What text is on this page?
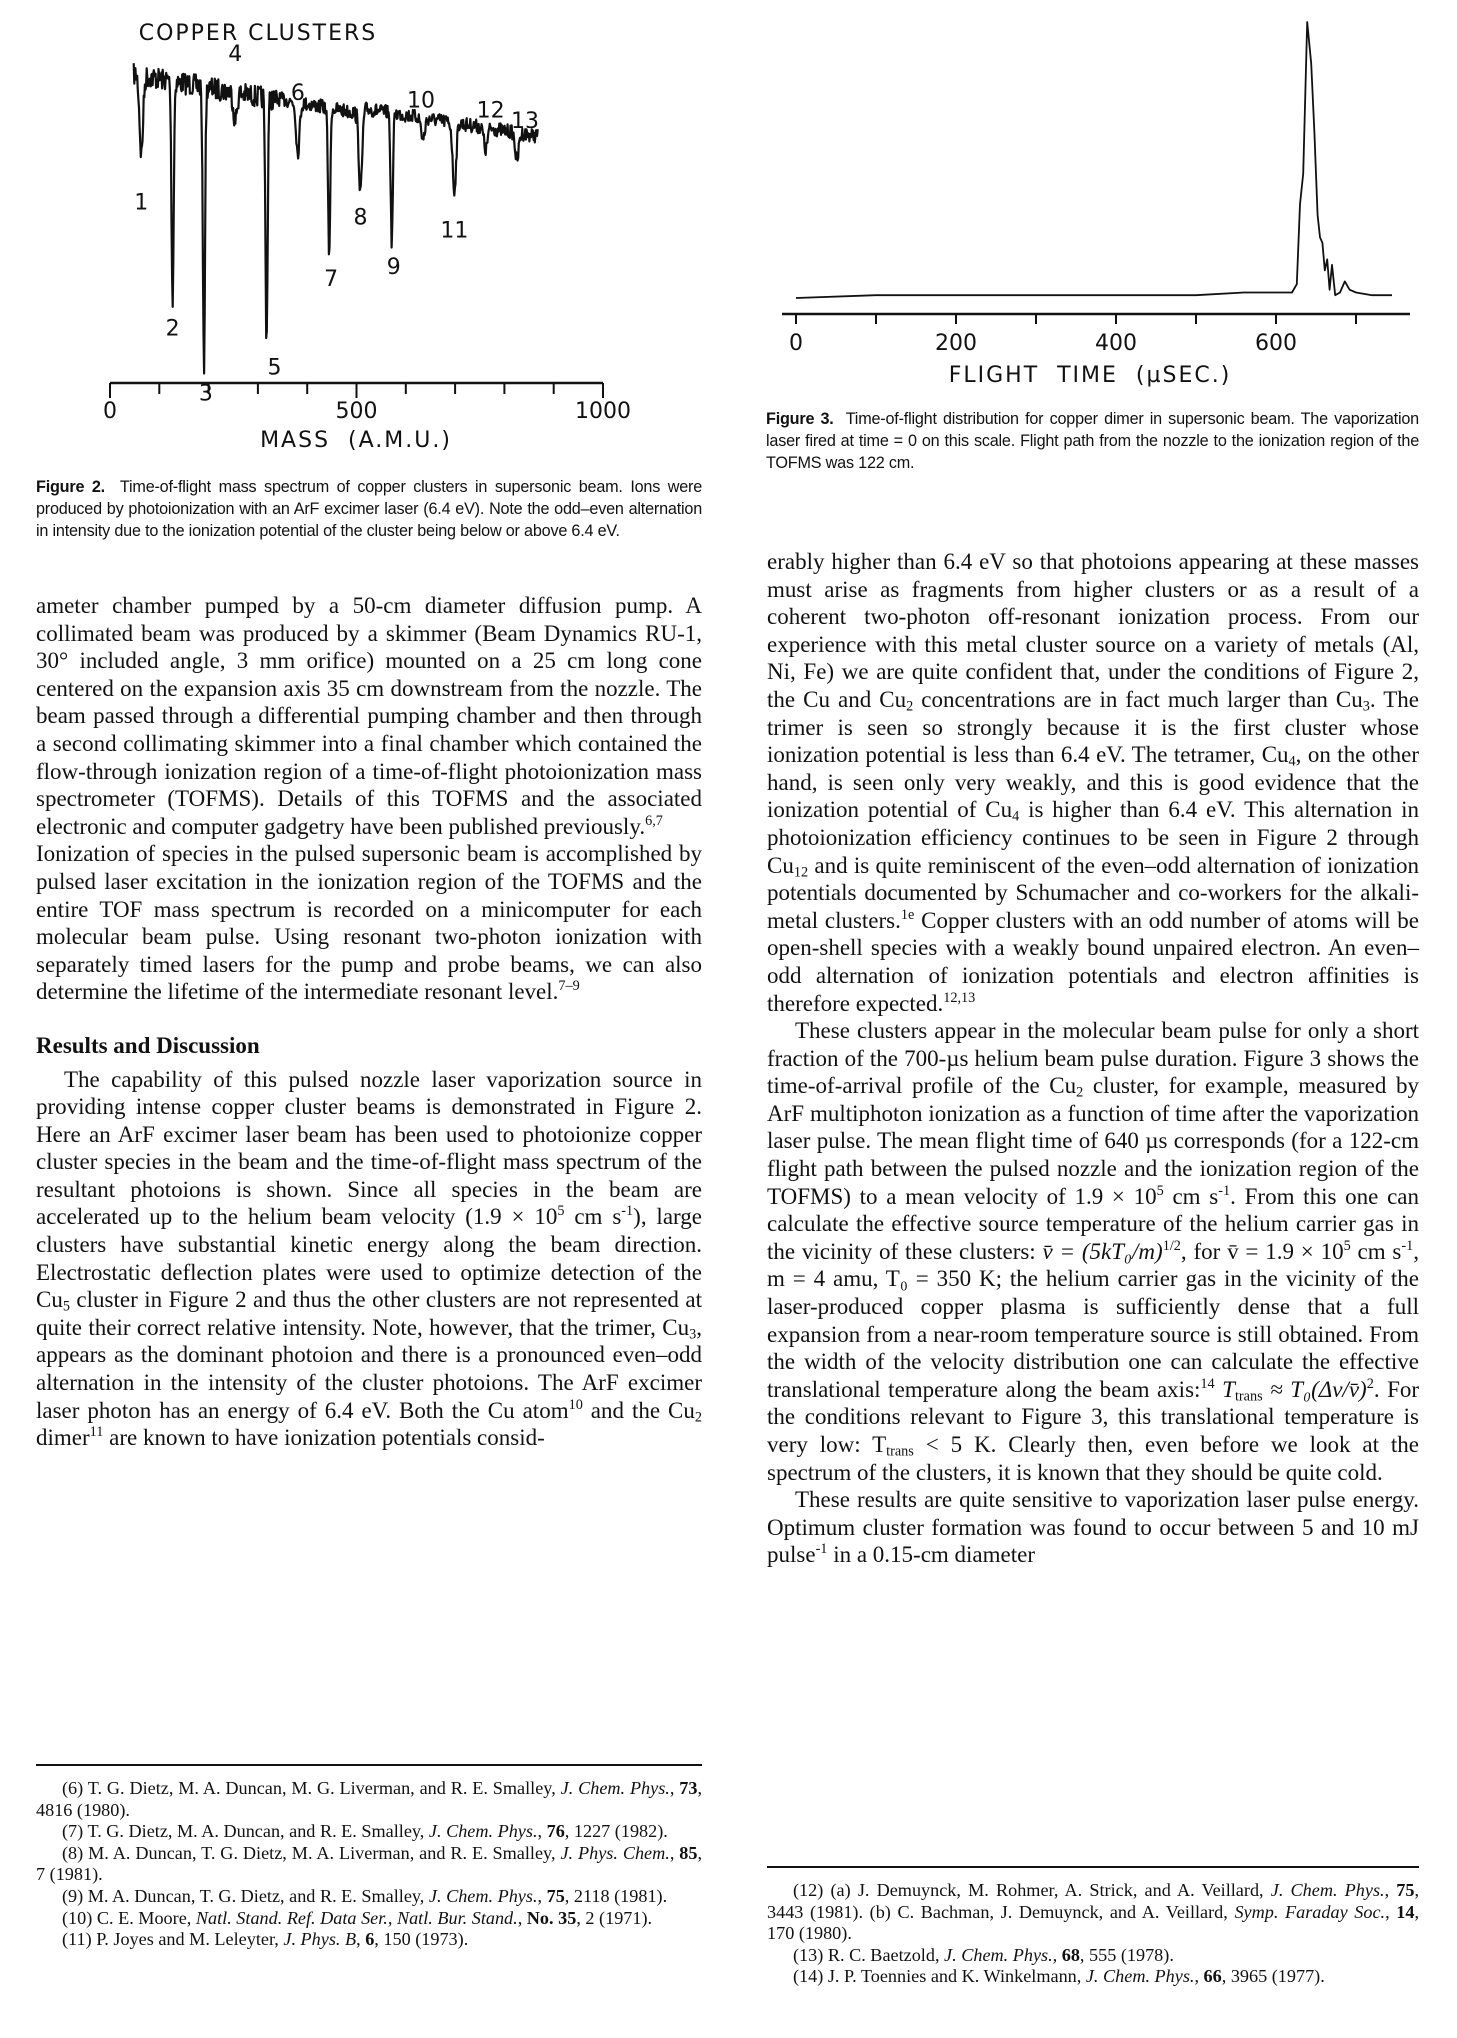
COPPER CLUSTERS
1
2
3
4
5
6
7
8
9
10
11
12 13
0	500	1000
MASS  (A.M.U.)
Figure 2. Time-of-flight mass spectrum of copper clusters in supersonic beam. Ions were produced by photoionization with an ArF excimer laser (6.4 eV). Note the odd–even alternation in intensity due to the ionization potential of the cluster being below or above 6.4 eV.
0	200	400	600
FLIGHT  TIME  (µSEC.)
Figure 3. Time-of-flight distribution for copper dimer in supersonic beam. The vaporization laser fired at time = 0 on this scale. Flight path from the nozzle to the ionization region of the TOFMS was 122 cm.

ameter chamber pumped by a 50-cm diameter diffusion pump. A collimated beam was produced by a skimmer (Beam Dynamics RU-1, 30° included angle, 3 mm orifice) mounted on a 25 cm long cone centered on the expansion axis 35 cm downstream from the nozzle. The beam passed through a differential pumping chamber and then through a second collimating skimmer into a final chamber which contained the flow-through ionization region of a time-of-flight photoionization mass spectrometer (TOFMS). Details of this TOFMS and the associated electronic and computer gadgetry have been published previously.$^{6,7}$

Ionization of species in the pulsed supersonic beam is accomplished by pulsed laser excitation in the ionization region of the TOFMS and the entire TOF mass spectrum is recorded on a minicomputer for each molecular beam pulse. Using resonant two-photon ionization with separately timed lasers for the pump and probe beams, we can also determine the lifetime of the intermediate resonant level.$^{7-9}$

Results and Discussion

The capability of this pulsed nozzle laser vaporization source in providing intense copper cluster beams is demonstrated in Figure 2. Here an ArF excimer laser beam has been used to photoionize copper cluster species in the beam and the time-of-flight mass spectrum of the resultant photoions is shown. Since all species in the beam are accelerated up to the helium beam velocity ($1.9 \times 10^5$ cm $s^{-1}$), large clusters have substantial kinetic energy along the beam direction. Electrostatic deflection plates were used to optimize detection of the $Cu_5$ cluster in Figure 2 and thus the other clusters are not represented at quite their correct relative intensity. Note, however, that the trimer, $Cu_3$, appears as the dominant photoion and there is a pronounced even–odd alternation in the intensity of the cluster photoions. The ArF excimer laser photon has an energy of 6.4 eV. Both the Cu atom$^{10}$ and the $Cu_2$ dimer$^{11}$ are known to have ionization potentials consid-

(6) T. G. Dietz, M. A. Duncan, M. G. Liverman, and R. E. Smalley, J. Chem. Phys., 73, 4816 (1980).

(7) T. G. Dietz, M. A. Duncan, and R. E. Smalley, J. Chem. Phys., 76, 1227 (1982).

(8) M. A. Duncan, T. G. Dietz, M. A. Liverman, and R. E. Smalley, J. Phys. Chem., 85, 7 (1981).

(9) M. A. Duncan, T. G. Dietz, and R. E. Smalley, J. Chem. Phys., 75, 2118 (1981).

(10) C. E. Moore, Natl. Stand. Ref. Data Ser., Natl. Bur. Stand., No. 35, 2 (1971).

(11) P. Joyes and M. Leleyter, J. Phys. B, 6, 150 (1973).

erably higher than 6.4 eV so that photoions appearing at these masses must arise as fragments from higher clusters or as a result of a coherent two-photon off-resonant ionization process. From our experience with this metal cluster source on a variety of metals (Al, Ni, Fe) we are quite confident that, under the conditions of Figure 2, the Cu and $Cu_2$ concentrations are in fact much larger than $Cu_3$. The trimer is seen so strongly because it is the first cluster whose ionization potential is less than 6.4 eV. The tetramer, $Cu_4$, on the other hand, is seen only very weakly, and this is good evidence that the ionization potential of $Cu_4$ is higher than 6.4 eV. This alternation in photoionization efficiency continues to be seen in Figure 2 through $Cu_{12}$ and is quite reminiscent of the even–odd alternation of ionization potentials documented by Schumacher and co-workers for the alkali-metal clusters.$^{1e}$ Copper clusters with an odd number of atoms will be open-shell species with a weakly bound unpaired electron. An even–odd alternation of ionization potentials and electron affinities is therefore expected.$^{12,13}$

These clusters appear in the molecular beam pulse for only a short fraction of the 700-µs helium beam pulse duration. Figure 3 shows the time-of-arrival profile of the $Cu_2$ cluster, for example, measured by ArF multiphoton ionization as a function of time after the vaporization laser pulse. The mean flight time of 640 µs corresponds (for a 122-cm flight path between the pulsed nozzle and the ionization region of the TOFMS) to a mean velocity of $1.9 \times 10^5$ cm $s^{-1}$. From this one can calculate the effective source temperature of the helium carrier gas in the vicinity of these clusters: v̄ = $(5kT_0/m)^{1/2}$, for v̄ = $1.9 \times 10^5$ cm $s^{-1}$, m = 4 amu, T₀ = 350 K; the helium carrier gas in the vicinity of the laser-produced copper plasma is sufficiently dense that a full expansion from a near-room temperature source is still obtained. From the width of the velocity distribution one can calculate the effective translational temperature along the beam axis:$^{14}$ $T_{trans}$ ≈ T₀(Δv/v̄)$^2$. For the conditions relevant to Figure 3, this translational temperature is very low: $T_{trans} < 5$ K. Clearly then, even before we look at the spectrum of the clusters, it is known that they should be quite cold.

These results are quite sensitive to vaporization laser pulse energy. Optimum cluster formation was found to occur between 5 and 10 mJ pulse$^{-1}$ in a 0.15-cm diameter

(12) (a) J. Demuynck, M. Rohmer, A. Strick, and A. Veillard, J. Chem. Phys., 75, 3443 (1981). (b) C. Bachman, J. Demuynck, and A. Veillard, Symp. Faraday Soc., 14, 170 (1980).

(13) R. C. Baetzold, J. Chem. Phys., 68, 555 (1978).

(14) J. P. Toennies and K. Winkelmann, J. Chem. Phys., 66, 3965 (1977).
